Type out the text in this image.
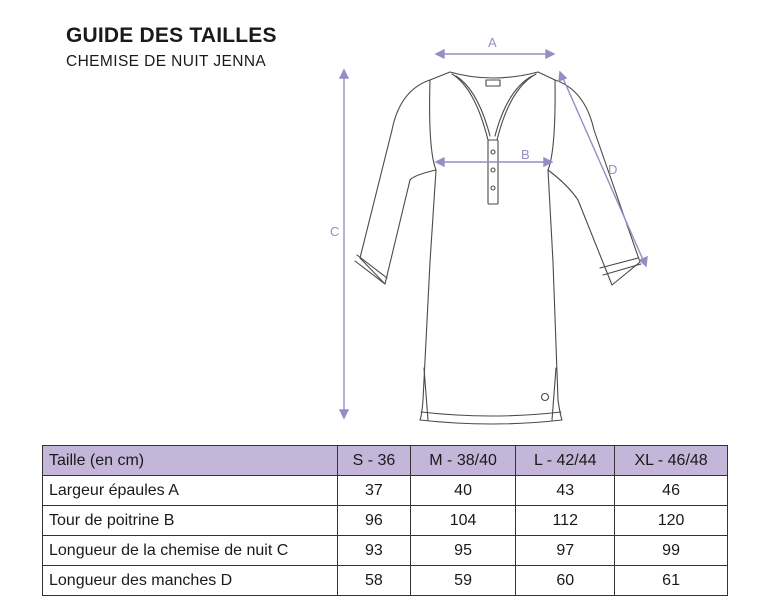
GUIDE DES TAILLES
CHEMISE DE NUIT JENNA
A
B
C
D
Taille (en cm)	S - 36	M - 38/40	L - 42/44	XL - 46/48
Largeur épaules A	37	40	43	46
Tour de poitrine B	96	104	112	120
Longueur de la chemise de nuit C	93	95	97	99
Longueur des manches D	58	59	60	61
